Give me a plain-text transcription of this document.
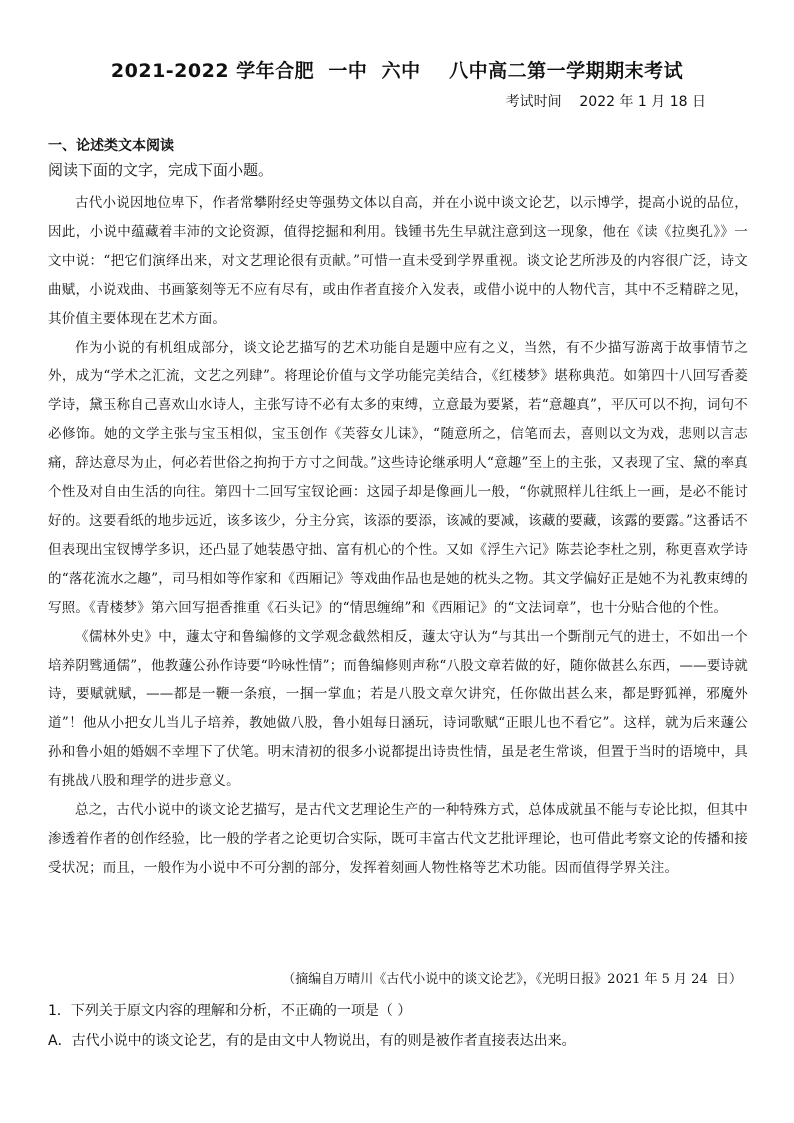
2021-2022 学年合肥  一中  六中    八中高二第一学期期末考试
考试时间    2022 年 1 月 18 日
一、论述类文本阅读
阅读下面的文字，完成下面小题。

古代小说因地位卑下，作者常攀附经史等强势文体以自高，并在小说中谈文论艺，以示博学，提高小说的品位，因此，小说中蕴藏着丰沛的文论资源，值得挖掘和利用。钱锺书先生早就注意到这一现象，他在《读《拉奥孔》》一文中说：“把它们演绎出来，对文艺理论很有贡献。”可惜一直未受到学界重视。谈文论艺所涉及的内容很广泛，诗文曲赋，小说戏曲、书画篆刻等无不应有尽有，或由作者直接介入发表，或借小说中的人物代言，其中不乏精辟之见，其价值主要体现在艺术方面。

作为小说的有机组成部分，谈文论艺描写的艺术功能自是题中应有之义，当然，有不少描写游离于故事情节之外，成为“学术之汇流，文艺之列肆”。将理论价值与文学功能完美结合，《红楼梦》堪称典范。如第四十八回写香菱学诗，黛玉称自己喜欢山水诗人，主张写诗不必有太多的束缚，立意最为要紧，若“意趣真”，平仄可以不拘，词句不必修饰。她的文学主张与宝玉相似，宝玉创作《芙蓉女儿诔》，“随意所之，信笔而去，喜则以文为戏，悲则以言志痛，辞达意尽为止，何必若世俗之拘拘于方寸之间哉。”这些诗论继承明人“意趣”至上的主张，又表现了宝、黛的率真个性及对自由生活的向往。第四十二回写宝钗论画：这园子却是像画儿一般，“你就照样儿往纸上一画，是必不能讨好的。这要看纸的地步远近，该多该少，分主分宾，该添的要添，该减的要减，该藏的要藏，该露的要露。”这番话不但表现出宝钗博学多识，还凸显了她装愚守拙、富有机心的个性。又如《浮生六记》陈芸论李杜之别，称更喜欢学诗的“落花流水之趣”，司马相如等作家和《西厢记》等戏曲作品也是她的枕头之物。其文学偏好正是她不为礼教束缚的写照。《青楼梦》第六回写挹香推重《石头记》的“情思缠绵”和《西厢记》的“文法词章”，也十分贴合他的个性。

《儒林外史》中，蘧太守和鲁编修的文学观念截然相反，蘧太守认为“与其出一个斲削元气的进士，不如出一个培养阴骘通儒”，他教蘧公孙作诗要“吟咏性情”；而鲁编修则声称“八股文章若做的好，随你做甚么东西，——要诗就诗，要赋就赋，——都是一鞭一条痕，一掴一掌血；若是八股文章欠讲究，任你做出甚么来，都是野狐禅，邪魔外道”！他从小把女儿当儿子培养，教她做八股，鲁小姐每日涵玩，诗词歌赋“正眼儿也不看它”。这样，就为后来蘧公孙和鲁小姐的婚姻不幸埋下了伏笔。明末清初的很多小说都提出诗贵性情，虽是老生常谈，但置于当时的语境中，具有挑战八股和理学的进步意义。

总之，古代小说中的谈文论艺描写，是古代文艺理论生产的一种特殊方式，总体成就虽不能与专论比拟，但其中渗透着作者的创作经验，比一般的学者之论更切合实际，既可丰富古代文艺批评理论，也可借此考察文论的传播和接受状况；而且，一般作为小说中不可分割的部分，发挥着刻画人物性格等艺术功能。因而值得学界关注。

（摘编自万晴川《古代小说中的谈文论艺》，《光明日报》2021 年 5 月 24  日）
1．下列关于原文内容的理解和分析，不正确的一项是（ ）
A．古代小说中的谈文论艺，有的是由文中人物说出，有的则是被作者直接表达出来。
